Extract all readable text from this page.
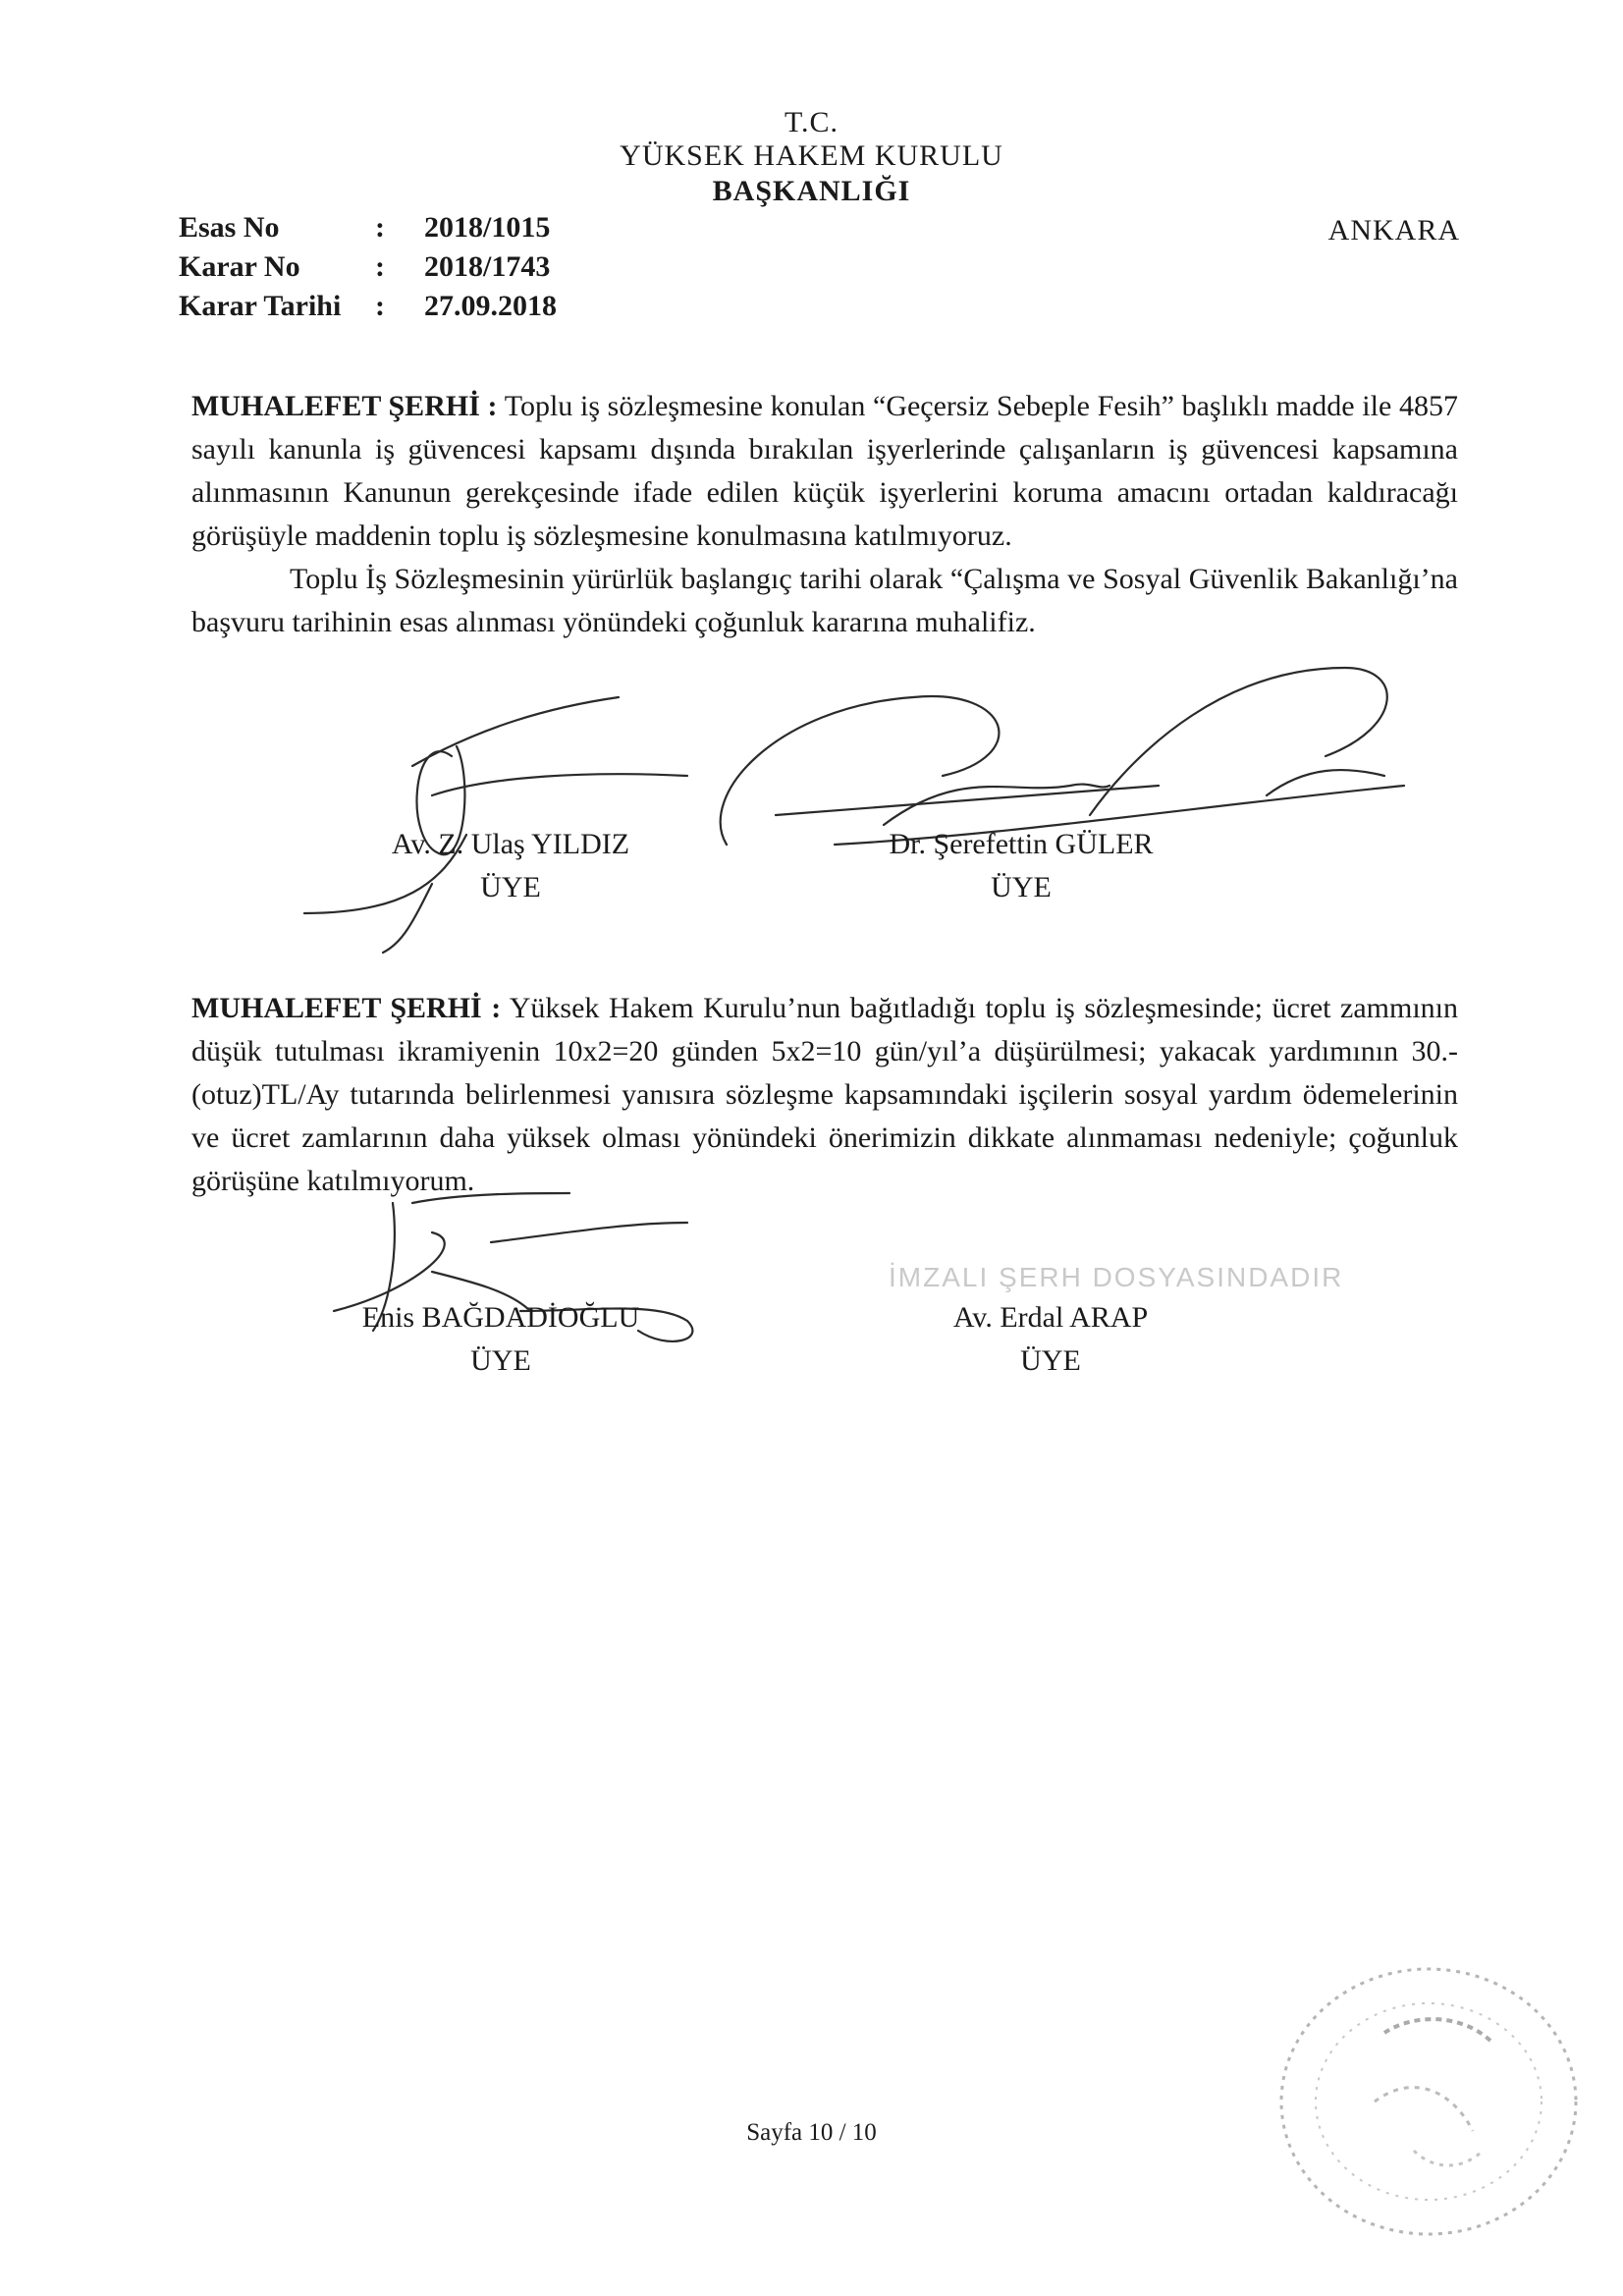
T.C.
YÜKSEK HAKEM KURULU
BAŞKANLIĞI
Esas No	:	2018/1015
Karar No	:	2018/1743
Karar Tarihi	:	27.09.2018
ANKARA

MUHALEFET ŞERHİ : Toplu iş sözleşmesine konulan “Geçersiz Sebeple Fesih” başlıklı madde ile 4857 sayılı kanunla iş güvencesi kapsamı dışında bırakılan işyerlerinde çalışanların iş güvencesi kapsamına alınmasının Kanunun gerekçesinde ifade edilen küçük işyerlerini koruma amacını ortadan kaldıracağı görüşüyle maddenin toplu iş sözleşmesine konulmasına katılmıyoruz.

Toplu İş Sözleşmesinin yürürlük başlangıç tarihi olarak “Çalışma ve Sosyal Güvenlik Bakanlığı’na başvuru tarihinin esas alınması yönündeki çoğunluk kararına muhalifiz.

Av. Z. Ulaş YILDIZ
ÜYE
Dr. Şerefettin GÜLER
ÜYE

MUHALEFET ŞERHİ : Yüksek Hakem Kurulu’nun bağıtladığı toplu iş sözleşmesinde; ücret zammının düşük tutulması ikramiyenin 10x2=20 günden 5x2=10 gün/yıl’a düşürülmesi; yakacak yardımının 30.-(otuz)TL/Ay tutarında belirlenmesi yanısıra sözleşme kapsamındaki işçilerin sosyal yardım ödemelerinin ve ücret zamlarının daha yüksek olması yönündeki önerimizin dikkate alınmaması nedeniyle; çoğunluk görüşüne katılmıyorum.

Enis BAĞDADİOĞLU
ÜYE
İMZALI ŞERH DOSYASINDADIR
Av. Erdal ARAP
ÜYE
Sayfa 10 / 10
